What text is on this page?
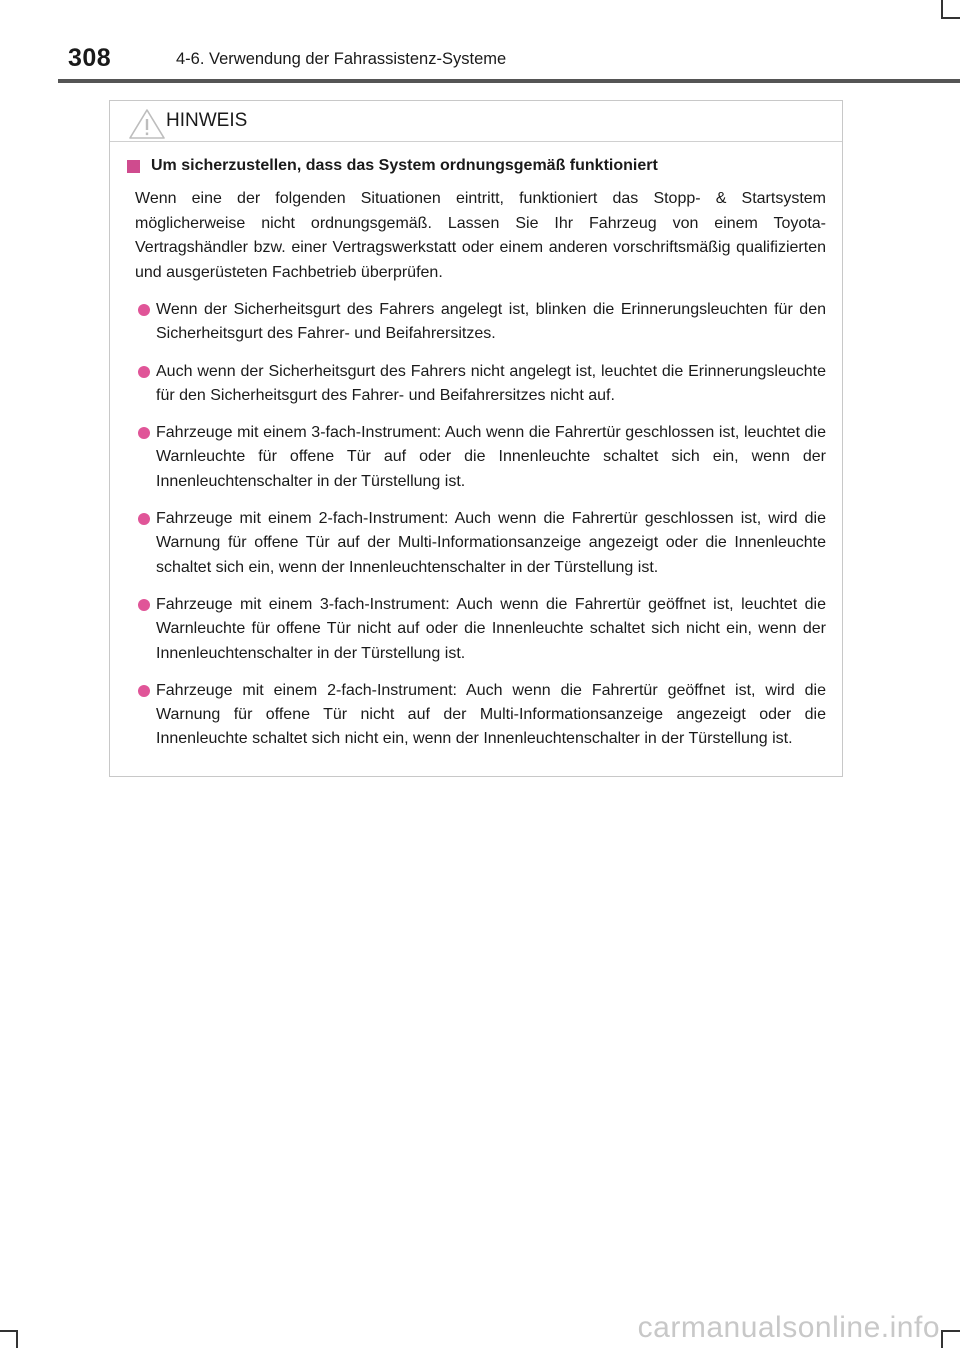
308	4-6. Verwendung der Fahrassistenz-Systeme
HINWEIS
Um sicherzustellen, dass das System ordnungsgemäß funktioniert

Wenn eine der folgenden Situationen eintritt, funktioniert das Stopp- & Startsystem möglicherweise nicht ordnungsgemäß. Lassen Sie Ihr Fahrzeug von einem Toyota-Vertragshändler bzw. einer Vertragswerkstatt oder einem anderen vorschriftsmäßig qualifizierten und ausgerüsteten Fachbetrieb überprüfen.

Wenn der Sicherheitsgurt des Fahrers angelegt ist, blinken die Erinnerungsleuchten für den Sicherheitsgurt des Fahrer- und Beifahrersitzes.
Auch wenn der Sicherheitsgurt des Fahrers nicht angelegt ist, leuchtet die Erinnerungsleuchte für den Sicherheitsgurt des Fahrer- und Beifahrersitzes nicht auf.
Fahrzeuge mit einem 3-fach-Instrument: Auch wenn die Fahrertür geschlossen ist, leuchtet die Warnleuchte für offene Tür auf oder die Innenleuchte schaltet sich ein, wenn der Innenleuchtenschalter in der Türstellung ist.
Fahrzeuge mit einem 2-fach-Instrument: Auch wenn die Fahrertür geschlossen ist, wird die Warnung für offene Tür auf der Multi-Informationsanzeige angezeigt oder die Innenleuchte schaltet sich ein, wenn der Innenleuchtenschalter in der Türstellung ist.
Fahrzeuge mit einem 3-fach-Instrument: Auch wenn die Fahrertür geöffnet ist, leuchtet die Warnleuchte für offene Tür nicht auf oder die Innenleuchte schaltet sich nicht ein, wenn der Innenleuchtenschalter in der Türstellung ist.
Fahrzeuge mit einem 2-fach-Instrument: Auch wenn die Fahrertür geöffnet ist, wird die Warnung für offene Tür nicht auf der Multi-Informationsanzeige angezeigt oder die Innenleuchte schaltet sich nicht ein, wenn der Innenleuchtenschalter in der Türstellung ist.
carmanualsonline.info
